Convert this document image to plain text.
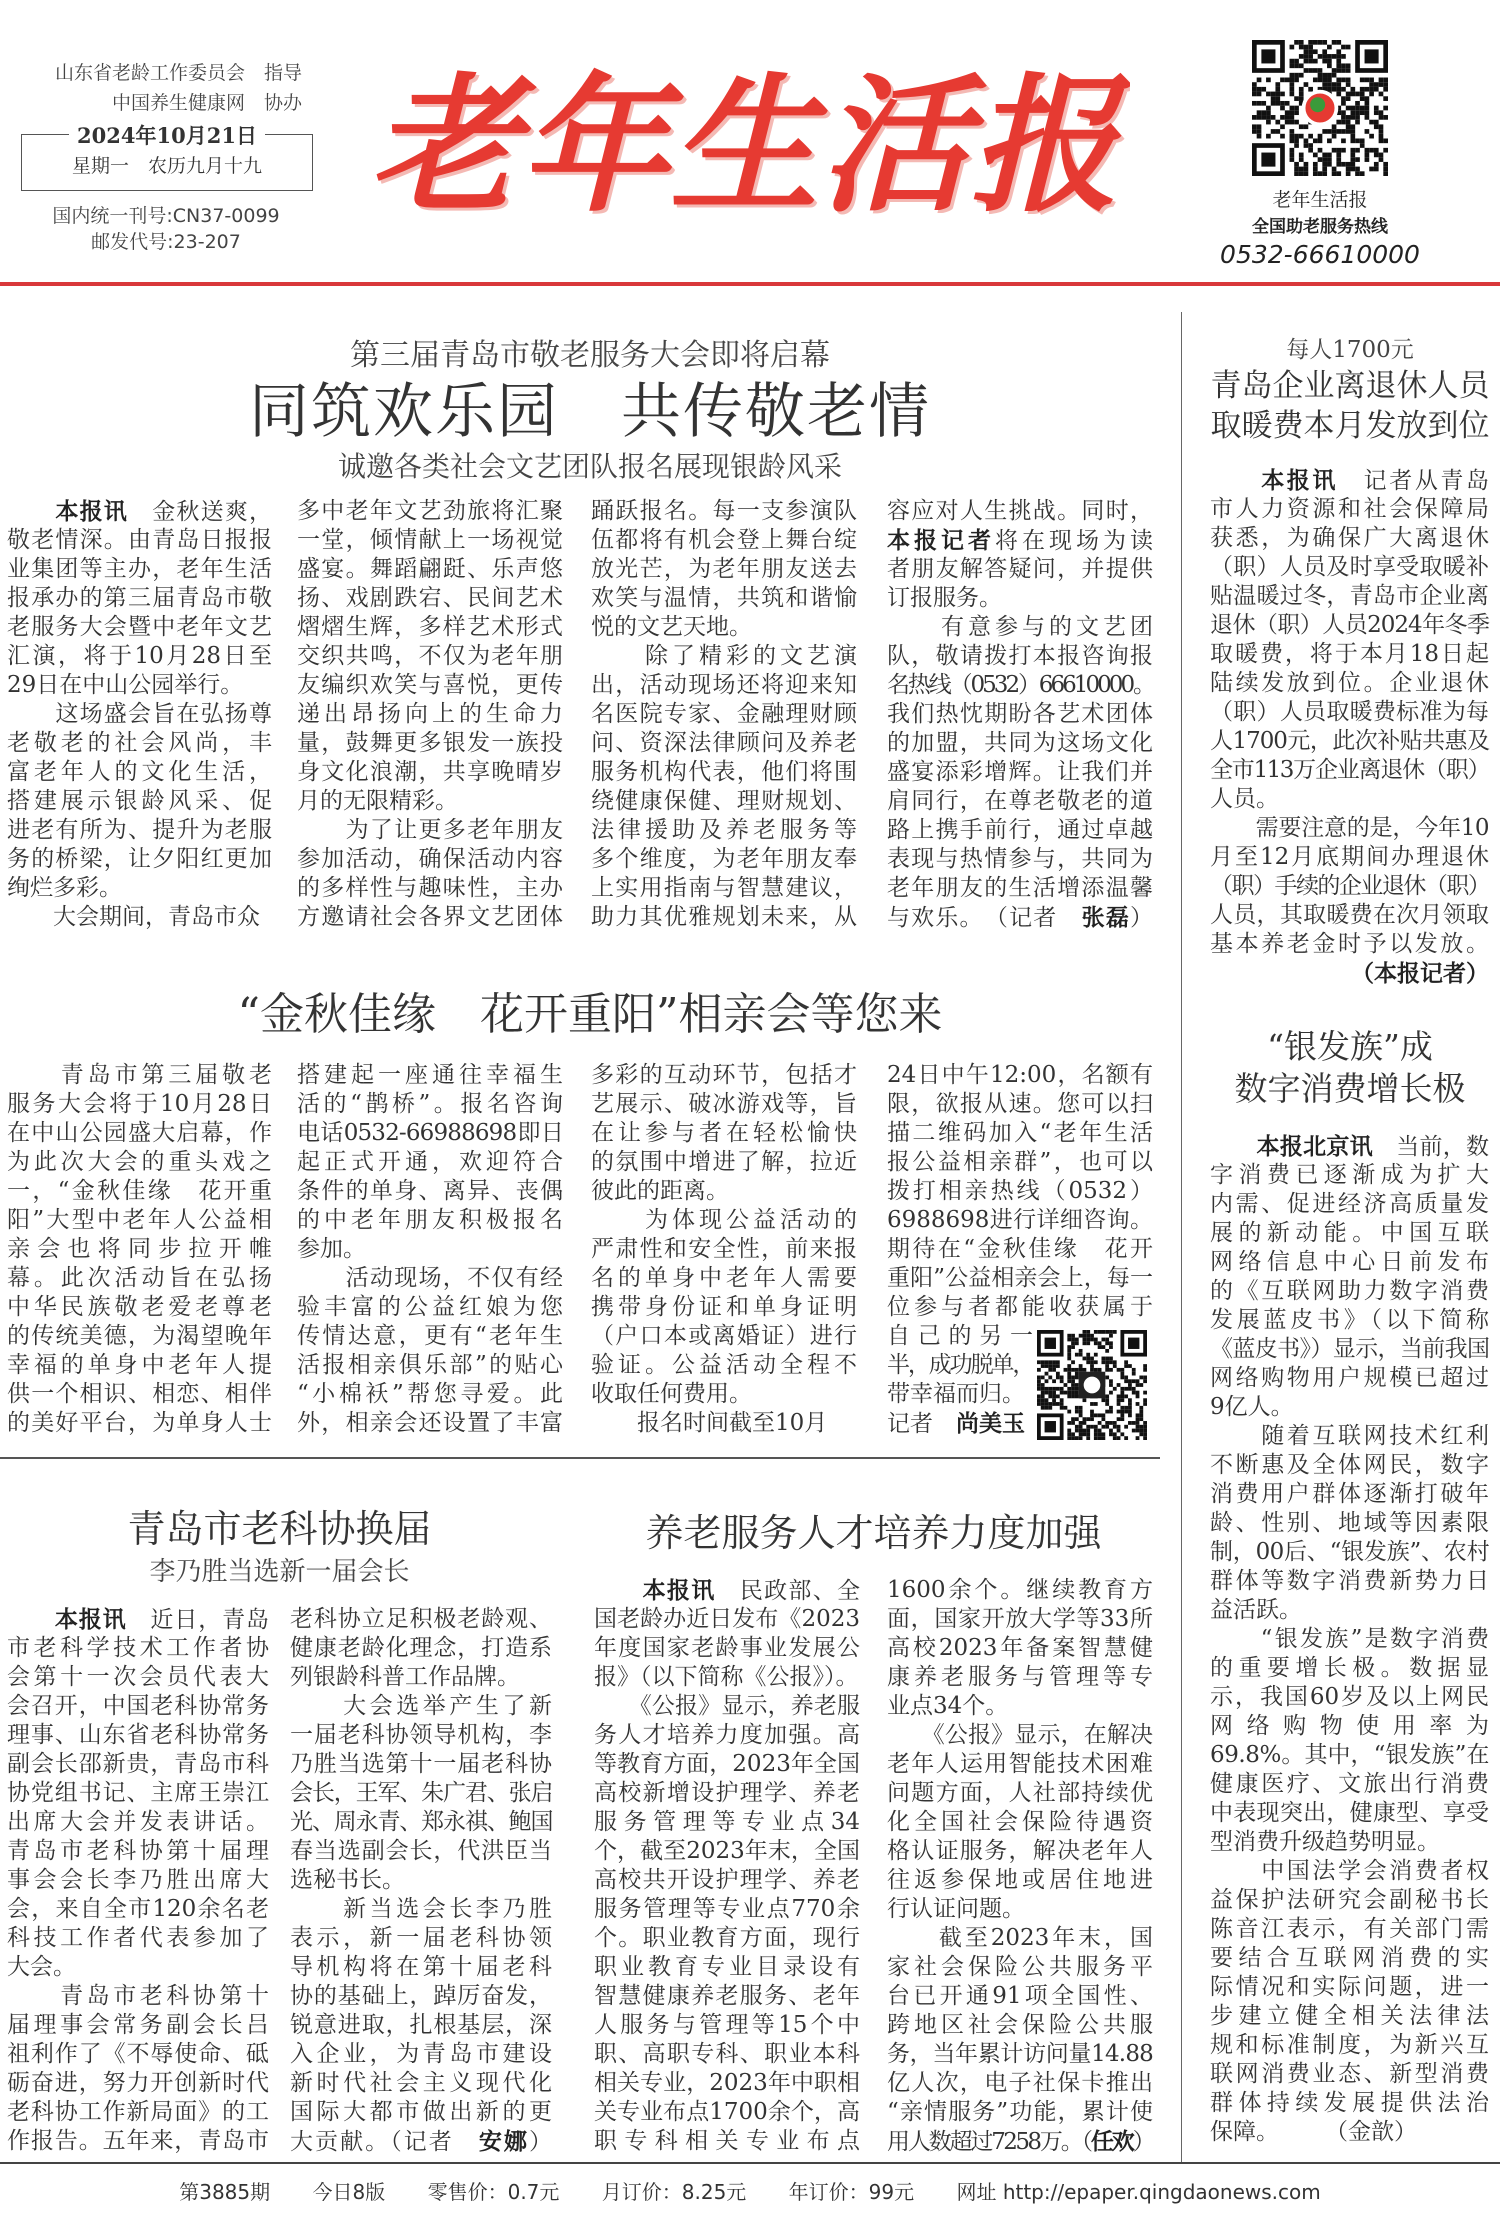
山东省老龄工作委员会　指导
中国养生健康网　协办
2024年10月21日
星期一　农历九月十九
国内统一刊号:CN37-0099
邮发代号:23-207
老年生活报	老年生活报
全国助老服务热线
0532-66610000
第三届青岛市敬老服务大会即将启幕
同筑欢乐园　共传敬老情
诚邀各类社会文艺团队报名展现银龄风采
　　本报讯　金秋送爽，
敬老情深。由青岛日报报
业集团等主办，老年生活
报承办的第三届青岛市敬
老服务大会暨中老年文艺
汇演，将于10月28日至
29日在中山公园举行。
　　这场盛会旨在弘扬尊
老敬老的社会风尚，丰
富老年人的文化生活，
搭建展示银龄风采、促
进老有所为、提升为老服
务的桥梁，让夕阳红更加
绚烂多彩。
　　大会期间，青岛市众
多中老年文艺劲旅将汇聚
一堂，倾情献上一场视觉
盛宴。舞蹈翩跹、乐声悠
扬、戏剧跌宕、民间艺术
熠熠生辉，多样艺术形式
交织共鸣，不仅为老年朋
友编织欢笑与喜悦，更传
递出昂扬向上的生命力
量，鼓舞更多银发一族投
身文化浪潮，共享晚晴岁
月的无限精彩。
　　为了让更多老年朋友
参加活动，确保活动内容
的多样性与趣味性，主办
方邀请社会各界文艺团体
踊跃报名。每一支参演队
伍都将有机会登上舞台绽
放光芒，为老年朋友送去
欢笑与温情，共筑和谐愉
悦的文艺天地。
　　除了精彩的文艺演
出，活动现场还将迎来知
名医院专家、金融理财顾
问、资深法律顾问及养老
服务机构代表，他们将围
绕健康保健、理财规划、
法律援助及养老服务等
多个维度，为老年朋友奉
上实用指南与智慧建议，
助力其优雅规划未来，从
容应对人生挑战。同时，
本报记者将在现场为读
者朋友解答疑问，并提供
订报服务。
　　有意参与的文艺团
队，敬请拨打本报咨询报
名热线（0532）66610000。
我们热忱期盼各艺术团体
的加盟，共同为这场文化
盛宴添彩增辉。让我们并
肩同行，在尊老敬老的道
路上携手前行，通过卓越
表现与热情参与，共同为
老年朋友的生活增添温馨
与欢乐。　（记者　张磊）
“金秋佳缘　花开重阳”相亲会等您来
　　青岛市第三届敬老
服务大会将于10月28日
在中山公园盛大启幕，作
为此次大会的重头戏之
一，“金秋佳缘　花开重
阳”大型中老年人公益相
亲会也将同步拉开帷
幕。此次活动旨在弘扬
中华民族敬老爱老尊老
的传统美德，为渴望晚年
幸福的单身中老年人提
供一个相识、相恋、相伴
的美好平台，为单身人士
搭建起一座通往幸福生
活的“鹊桥”。报名咨询
电话0532-66988698即日
起正式开通，欢迎符合
条件的单身、离异、丧偶
的中老年朋友积极报名
参加。
　　活动现场，不仅有经
验丰富的公益红娘为您
传情达意，更有“老年生
活报相亲俱乐部”的贴心
“小棉袄”帮您寻爱。此
外，相亲会还设置了丰富
多彩的互动环节，包括才
艺展示、破冰游戏等，旨
在让参与者在轻松愉快
的氛围中增进了解，拉近
彼此的距离。
　　为体现公益活动的
严肃性和安全性，前来报
名的单身中老年人需要
携带身份证和单身证明
（户口本或离婚证）进行
验证。公益活动全程不
收取任何费用。
　　报名时间截至10月
24日中午12:00，名额有
限，欲报从速。您可以扫
描二维码加入“老年生活
报公益相亲群”，也可以
拨打相亲热线（0532）
6988698进行详细咨询。
期待在“金秋佳缘　花开
重阳”公益相亲会上，每一
位参与者都能收获属于
自己的另一
半，成功脱单，
带幸福而归。
记者　尚美玉
青岛市老科协换届
李乃胜当选新一届会长
　　本报讯　近日，青岛
市老科学技术工作者协
会第十一次会员代表大
会召开，中国老科协常务
理事、山东省老科协常务
副会长邵新贵，青岛市科
协党组书记、主席王崇江
出席大会并发表讲话。
青岛市老科协第十届理
事会会长李乃胜出席大
会，来自全市120余名老
科技工作者代表参加了
大会。
　　青岛市老科协第十
届理事会常务副会长吕
祖利作了《不辱使命、砥
砺奋进，努力开创新时代
老科协工作新局面》的工
作报告。五年来，青岛市
老科协立足积极老龄观、
健康老龄化理念，打造系
列银龄科普工作品牌。
　　大会选举产生了新
一届老科协领导机构，李
乃胜当选第十一届老科协
会长，王军、朱广君、张启
光、周永青、郑永祺、鲍国
春当选副会长，代洪臣当
选秘书长。
　　新当选会长李乃胜
表示，新一届老科协领
导机构将在第十届老科
协的基础上，踔厉奋发，
锐意进取，扎根基层，深
入企业，为青岛市建设
新时代社会主义现代化
国际大都市做出新的更
大贡献。（记者　安娜）
养老服务人才培养力度加强
　　本报讯　民政部、全
国老龄办近日发布《2023
年度国家老龄事业发展公
报》（以下简称《公报》）。
　　《公报》显示，养老服
务人才培养力度加强。高
等教育方面，2023年全国
高校新增设护理学、养老
服务管理等专业点34
个，截至2023年末，全国
高校共开设护理学、养老
服务管理等专业点770余
个。职业教育方面，现行
职业教育专业目录设有
智慧健康养老服务、老年
人服务与管理等15个中
职、高职专科、职业本科
相关专业，2023年中职相
关专业布点1700余个，高
职专科相关专业布点
1600余个。继续教育方
面，国家开放大学等33所
高校2023年备案智慧健
康养老服务与管理等专
业点34个。
　　《公报》显示，在解决
老年人运用智能技术困难
问题方面，人社部持续优
化全国社会保险待遇资
格认证服务，解决老年人
往返参保地或居住地进
行认证问题。
　　截至2023年末，国
家社会保险公共服务平
台已开通91项全国性、
跨地区社会保险公共服
务，当年累计访问量14.88
亿人次，电子社保卡推出
“亲情服务”功能，累计使
用人数超过7258万。（任欢）
每人1700元
青岛企业离退休人员
取暖费本月发放到位
　　本报讯　记者从青岛
市人力资源和社会保障局
获悉，为确保广大离退休
（职）人员及时享受取暖补
贴温暖过冬，青岛市企业离
退休（职）人员2024年冬季
取暖费，将于本月18日起
陆续发放到位。企业退休
（职）人员取暖费标准为每
人1700元，此次补贴共惠及
全市113万企业离退休（职）
人员。
　　需要注意的是，今年10
月至12月底期间办理退休
（职）手续的企业退休（职）
人员，其取暖费在次月领取
基本养老金时予以发放。
（本报记者）
“银发族”成
数字消费增长极
　　本报北京讯　当前，数
字消费已逐渐成为扩大
内需、促进经济高质量发
展的新动能。中国互联
网络信息中心日前发布
的《互联网助力数字消费
发展蓝皮书》（以下简称
《蓝皮书》）显示，当前我国
网络购物用户规模已超过
9亿人。
　　随着互联网技术红利
不断惠及全体网民，数字
消费用户群体逐渐打破年
龄、性别、地域等因素限
制，00后、“银发族”、农村
群体等数字消费新势力日
益活跃。
　　“银发族”是数字消费
的重要增长极。数据显
示，我国60岁及以上网民
网络购物使用率为
69.8%。其中，“银发族”在
健康医疗、文旅出行消费
中表现突出，健康型、享受
型消费升级趋势明显。
　　中国法学会消费者权
益保护法研究会副秘书长
陈音江表示，有关部门需
要结合互联网消费的实
际情况和实际问题，进一
步建立健全相关法律法
规和标准制度，为新兴互
联网消费业态、新型消费
群体持续发展提供法治
保障。　　　（金歆）
第3885期 今日8版 零售价：0.7元 月订价：8.25元 年订价：99元 网址 http://epaper.qingdaonews.com
